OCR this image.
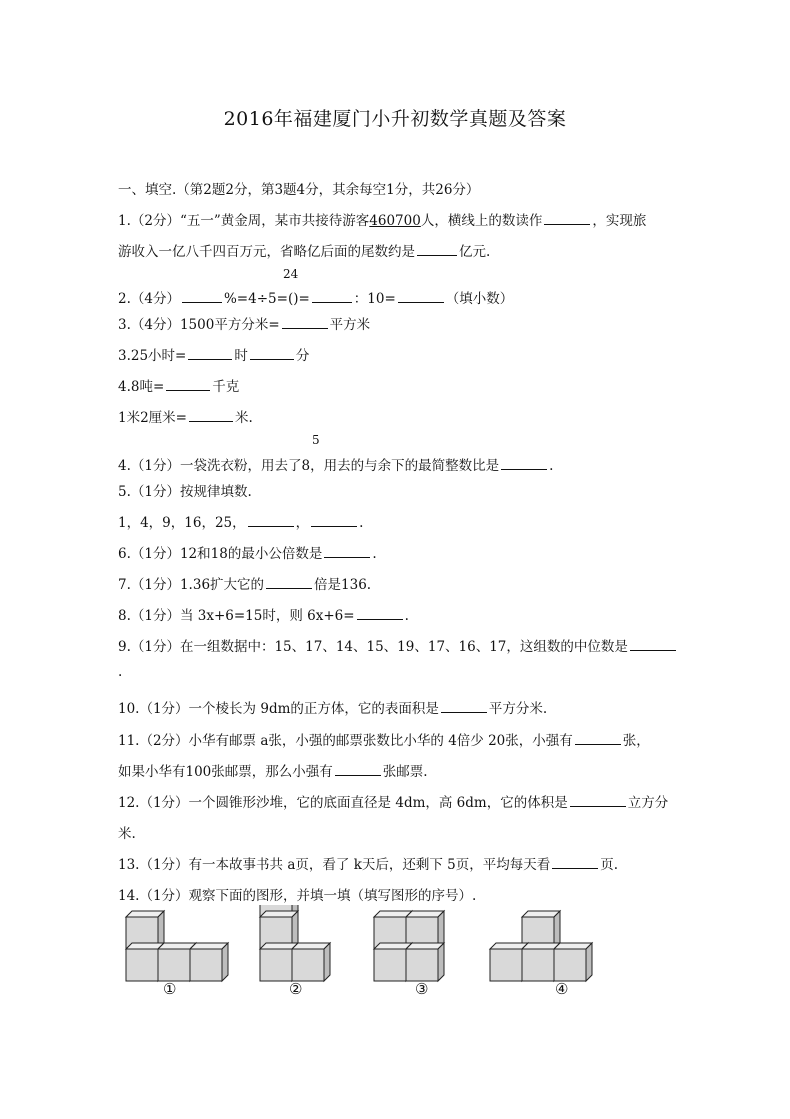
2016年福建厦门小升初数学真题及答案
一、填空.（第2题2分，第3题4分，其余每空1分，共26分）
1.（2分）“五一”黄金周，某市共接待游客460700人，横线上的数读作	，实现旅
游收入一亿八千四百万元，省略亿后面的尾数约是	亿元.
24
2.（4分）	%=4÷5=()=	：10=	（填小数）
3.（4分）1500平方分米=	平方米
3.25小时=	时	分
4.8吨=	千克
1米2厘米=	米.
5
4.（1分）一袋洗衣粉，用去了8，用去的与余下的最简整数比是	.
5.（1分）按规律填数.
1，4，9，16，25，	，	.
6.（1分）12和18的最小公倍数是	.
7.（1分）1.36扩大它的	倍是136.
8.（1分）当 3x+6=15时，则 6x+6=	.
9.（1分）在一组数据中：15、17、14、15、19、17、16、17，这组数的中位数是
.
10.（1分）一个棱长为 9dm的正方体，它的表面积是	平方分米.
11.（2分）小华有邮票 a张，小强的邮票张数比小华的 4倍少 20张，小强有	张，
如果小华有100张邮票，那么小强有	张邮票.
12.（1分）一个圆锥形沙堆，它的底面直径是 4dm，高 6dm，它的体积是	立方分
米.
13.（1分）有一本故事书共 a页，看了 k天后，还剩下 5页，平均每天看	页.
14.（1分）观察下面的图形，并填一填（填写图形的序号）.
①	②	③	④
